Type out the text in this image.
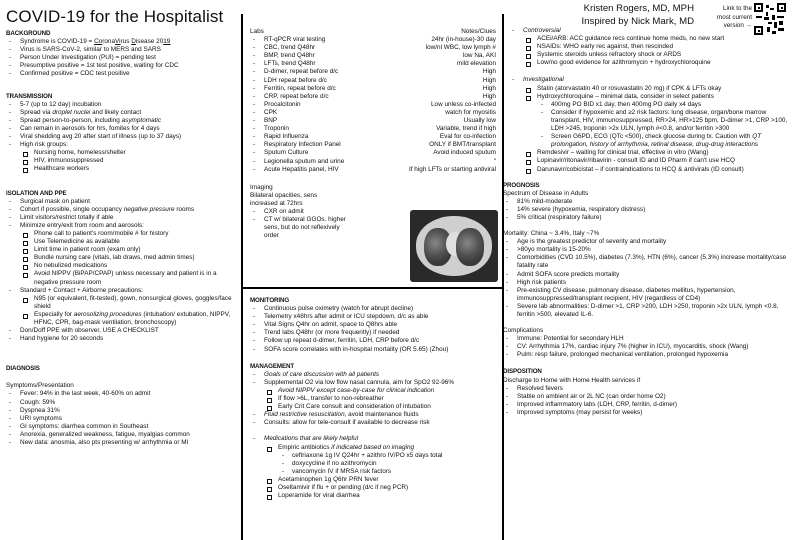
COVID-19 for the Hospitalist
BACKGROUND
- Syndrome is COVID-19 = CoronaVirus Disease 2019
- Virus is SARS-CoV-2, similar to MERS and SARS
- Person Under Investigation (PUI) = pending test
- Presumptive positive = 1st test positive, waiting for CDC
- Confirmed positive = CDC test positive
TRANSMISSION
- 5-7 (up to 12 day) incubation
- Spread via droplet nuclei and likely contact
- Spread person-to-person, including asymptomatic
- Can remain in aerosols for hrs, fomites for 4 days
- Viral shedding avg 20 after start of illness (up to 37 days)
- High risk groups:
Nursing home, homeless/shelter
HIV, immunosuppressed
Healthcare workers
ISOLATION AND PPE
- Surgical mask on patient
- Cohort if possible, single occupancy negative pressure rooms
- Limit visitors/restrict totally if able
- Minimize entry/exit from room and aerosols:
Phone call to patient's room/mobile # for history
Use Telemedicine as available
Limit time in patient room (exam only)
Bundle nursing care (vitals, lab draws, med admin times)
No nebulized medications
Avoid NIPPV (BiPAP/CPAP) unless necessary and patient is in a negative pressure room
- Standard + Contact + Airborne precautions:
N95 (or equivalent, fit-tested), gown, nonsurgical gloves, goggles/face shield
Especially for aerosolizing procedures (intubation/ extubation, NIPPV, HFNC, CPR, bag-mask ventilation, bronchoscopy)
- Don/Doff PPE with observer, USE A CHECKLIST
- Hand hygiene for 20 seconds
DIAGNOSIS
Symptoms/Presentation
- Fever: 94% in the last week, 40-60% on admit
- Cough: 59%
- Dyspnea 31%
- URI symptoms
- GI symptoms: diarrhea common in Southeast
- Anorexia, generalized weakness, fatigue, myalgias common
- New data: anosmia, also pts presenting w/ arrhythmia or MI
Labs	Notes/Clues
- RT-qPCR viral testing	24hr (in-house)-30 day
- CBC, trend Q48hr	low/nl WBC, low lymph #
- BMP, trend Q48hr	low Na, AKI
- LFTs, trend Q48hr	mild elevation
- D-dimer, repeat before d/c	High
- LDH repeat before d/c	High
- Ferritin, repeat before d/c	High
- CRP, repeat before d/c	High
- Procalcitonin	Low unless co-infected
- CPK	watch for myositis
- BNP	Usually low
- Troponin	Variable, trend if high
- Rapid Influenza	Eval for co-infection
- Respiratory Infection Panel	ONLY if BMT/transplant
- Sputum Culture	Avoid induced sputum
- Legionella sputum and urine	"
- Acute Hepatitis panel, HIV	If high LFTs or starting antiviral
Imaging
Bilateral opacities, sens
increased at 72hrs
- CXR on admit
- CT w/ bilateral GGOs. higher sens, but do not reflexively order
MONITORING
- Continuous pulse oximetry (watch for abrupt decline)
- Telemetry x48hrs after admit or ICU stepdown, d/c as able
- Vital Signs Q4hr on admit, space to Q8hrs able
- Trend labs Q48hr (or more frequently) if needed
- Follow up repeat d-dimer, ferritin, LDH, CRP before d/c
- SOFA score correlates with in-hospital mortality (OR 5.65) (Zhou)
MANAGEMENT
- Goals of care discussion with all patients
- Supplemental O2 via low flow nasal cannula, aim for SpO2 92-96%
Avoid NIPPV except case-by-case for clinical indication
If flow >6L, transfer to non-rebreather
Early Crit Care consult and consideration of intubation
- Fluid restrictive resuscitation, avoid maintenance fluids
- Consults: allow for tele-consult if available to decrease risk
- Medications that are likely helpful
Empiric antibiotics if indicated based on imaging
- ceftriaxone 1g IV Q24hr + azithro IV/PO x5 days total
- doxycycline if no azithromycin
- vancomycin IV if MRSA risk factors
Acetaminophen 1g Q6hr PRN fever
Oseltamivir if flu + or pending (d/c if neg PCR)
Loperamide for viral diarrhea
Kristen Rogers, MD, MPH
Inspired by Nick Mark, MD
Link to the
most current
version →
- Controversial
ACEi/ARB: ACC guidance recs continue home meds, no new start
NSAIDs: WHO early rec against, then rescinded
Systemic steroids unless refractory shock or ARDS
Low/no good evidence for azithromycin + hydroxychloroquine
- Investigational
Statin (atorvastatin 40 or rosuvastatin 20 mg) if CPK & LFTs okay
Hydroxychloroquine – minimal data, consider in select patients
- 400mg PO BID x1 day, then 400mg PO daily x4 days
- Consider if hypoxemic and ≥2 risk factors: lung disease, organ/bone marrow transplant, HIV, immunosuppressed, RR>24, HR>125 bpm, D-dimer >1, CRP >100, LDH >245, troponin >2x ULN, lymph #<0.8, and/or ferritin >300
- Screen G6PD, ECG (QTc <500), check glucose during tx. Caution with QT prolongation, history of arrhythmia, retinal disease, drug-drug interactions
Remdesivir – waiting for clinical trial, effective in vitro (Wang)
Lopinavir/ritonavir/ribavirin - consult ID and ID Pharm if can't use HCQ
Darunavir/cobicistat – if contraindications to HCQ & antivirals (ID consult)
PROGNOSIS
Spectrum of Disease in Adults
- 81% mild-moderate
- 14% severe (hypoxemia, respiratory distress)
- 5% critical (respiratory failure)
Mortality: China ~ 3.4%, Italy ~7%
- Age is the greatest predictor of severity and mortality
- >80yo mortality is 15-20%
- Comorbidities (CVD 10.5%), diabetes (7.3%), HTN (6%), cancer (5.3%) increase mortality/case fatality rate
- Admit SOFA score predicts mortality
- High risk patients
- Pre-existing CV disease, pulmonary disease, diabetes mellitus, hypertension, immunosuppressed/transplant recipient, HIV (regardless of CD4)
- Severe lab abnormalities: D-dimer >1, CRP >200, LDH >250, troponin >2x ULN, lymph <0.8, ferritin >500, elevated IL-6.
Complications
- Immune: Potential for secondary HLH
- CV: Arrhythmia 17%, cardiac injury 7% (higher in ICU), myocarditis, shock (Wang)
- Pulm: resp failure, prolonged mechanical ventilation, prolonged hypoxemia
DISPOSITION
Discharge to Home with Home Health services if
- Resolved fevers
- Stable on ambient air or 2L NC (can order home O2)
- Improved inflammatory labs (LDH, CRP, ferritin, d-dimer)
- Improved symptoms (may persist for weeks)
